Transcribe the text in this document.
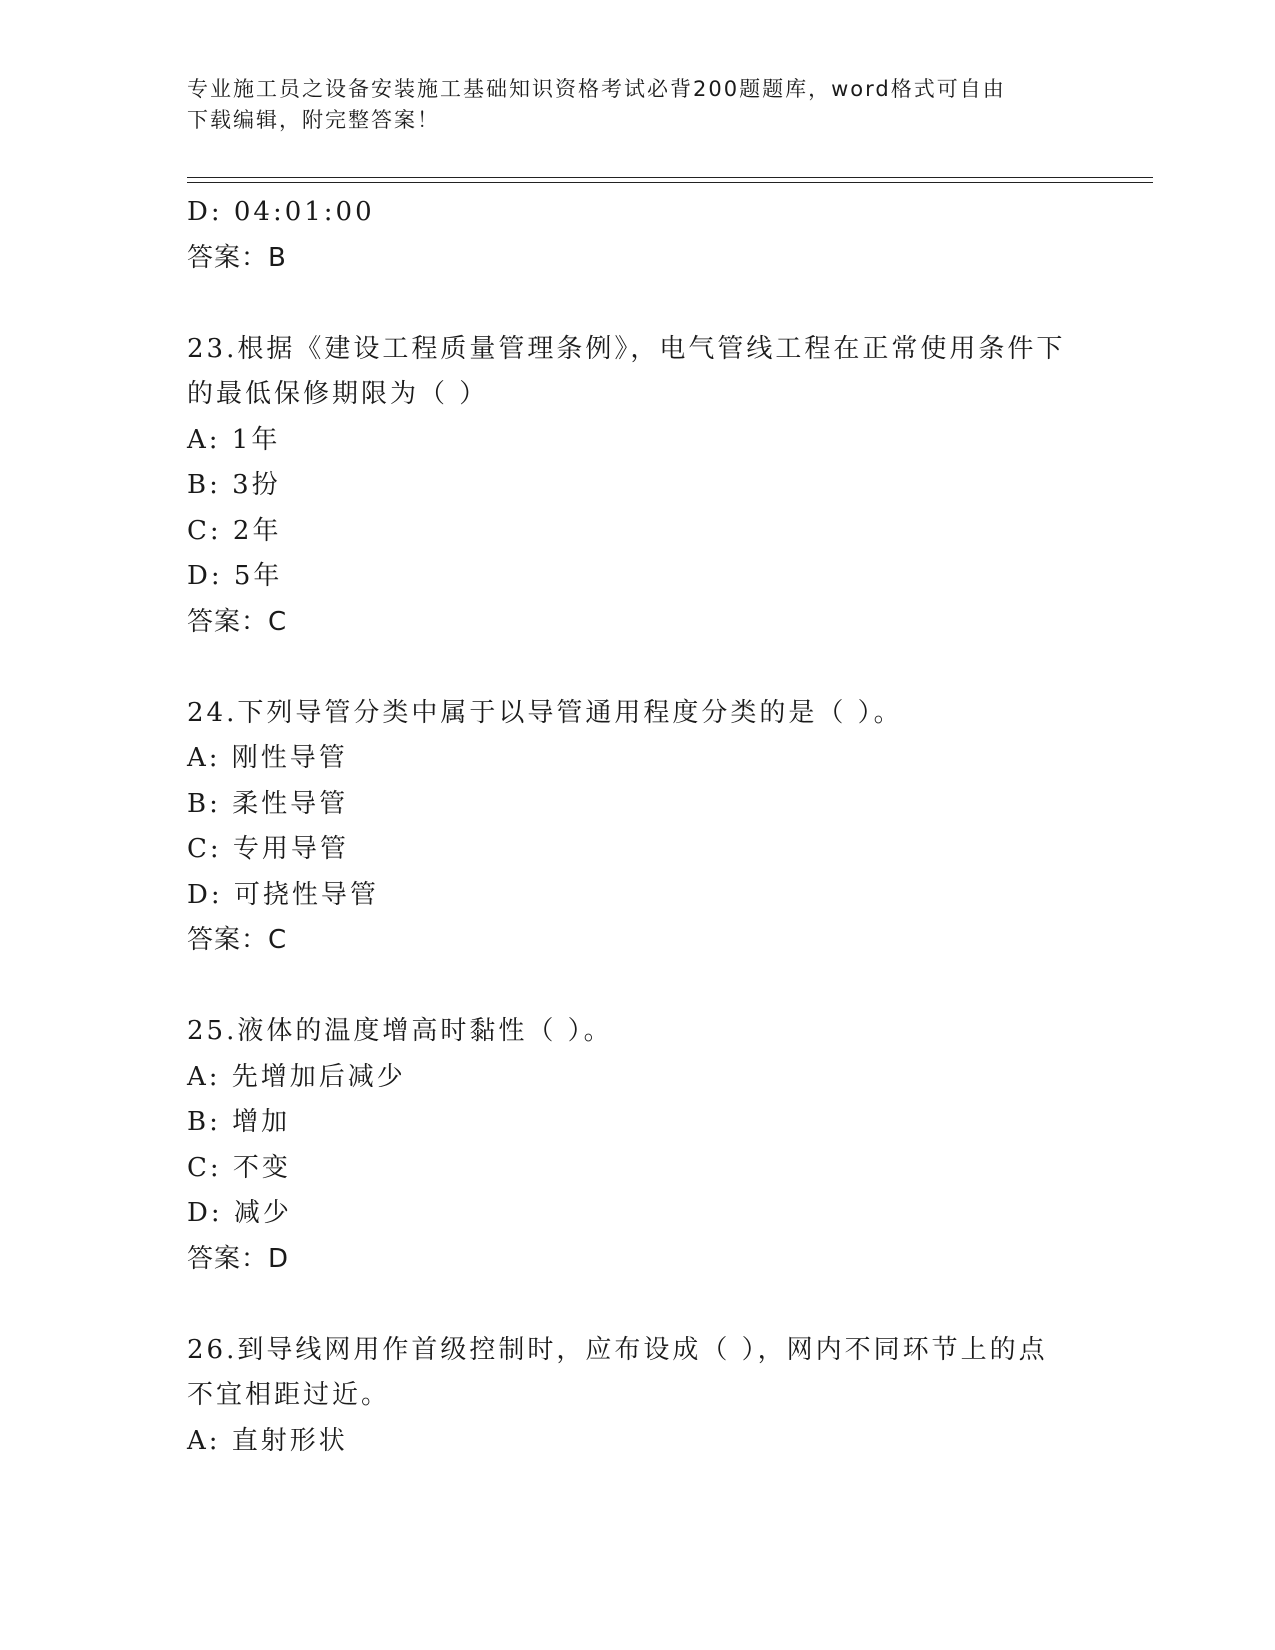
专业施工员之设备安装施工基础知识资格考试必背200题题库，word格式可自由
下载编辑，附完整答案！
D: 04:01:00
答案：B
23.根据《建设工程质量管理条例》，电气管线工程在正常使用条件下
的最低保修期限为（ ）
A: 1年
B: 3扮
C: 2年
D: 5年
答案：C
24.下列导管分类中属于以导管通用程度分类的是（ ）。
A: 刚性导管
B: 柔性导管
C: 专用导管
D: 可挠性导管
答案：C
25.液体的温度增高时黏性（ ）。
A: 先增加后减少
B: 增加
C: 不变
D: 减少
答案：D
26.到导线网用作首级控制时，应布设成（ ），网内不同环节上的点
不宜相距过近。
A: 直射形状
